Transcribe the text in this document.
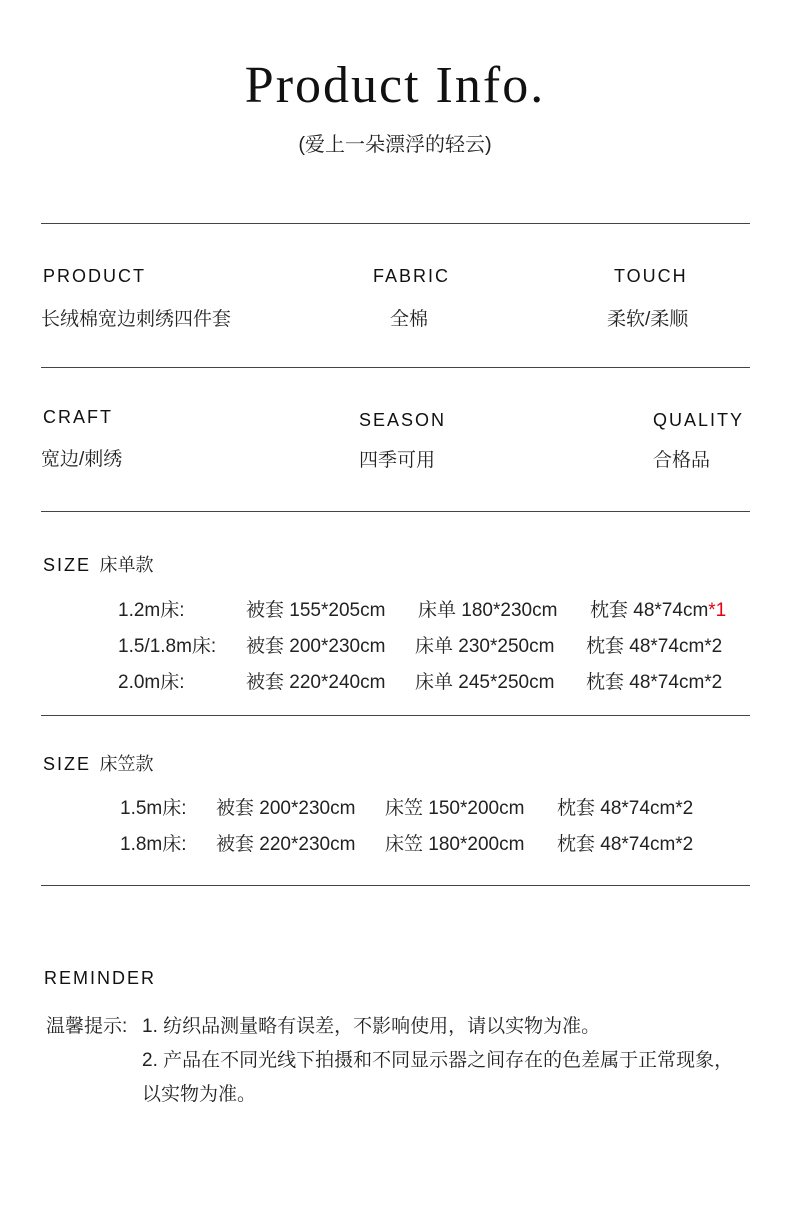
Product Info.
(爱上一朵漂浮的轻云)
PRODUCT
长绒棉宽边刺绣四件套
FABRIC
全棉
TOUCH
柔软/柔顺
CRAFT
宽边/刺绣
SEASON
四季可用
QUALITY
合格品
SIZE 床单款
1.2m床:	被套 155*205cm 床单 180*230cm 枕套 48*74cm*1
1.5/1.8m床: 被套 200*230cm 床单 230*250cm 枕套 48*74cm*2
2.0m床:	被套 220*240cm 床单 245*250cm 枕套 48*74cm*2
SIZE 床笠款
1.5m床: 被套 200*230cm 床笠 150*200cm 枕套 48*74cm*2
1.8m床: 被套 220*230cm 床笠 180*200cm 枕套 48*74cm*2
REMINDER
温馨提示: 1. 纺织品测量略有误差，不影响使用，请以实物为准。
2. 产品在不同光线下拍摄和不同显示器之间存在的色差属于正常现象，
以实物为准。
